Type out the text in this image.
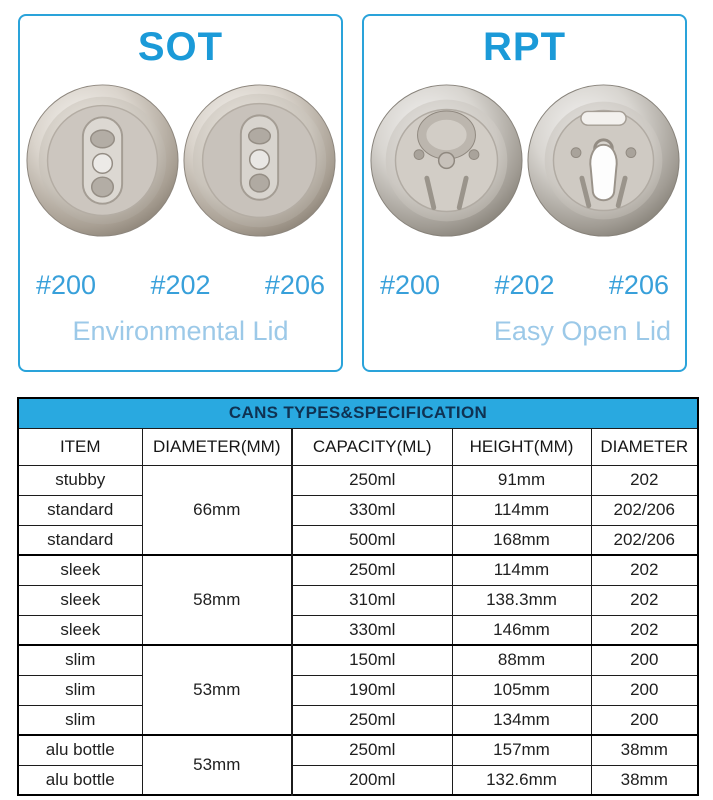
SOT
#200 #202 #206
Environmental Lid
RPT
#200 #202 #206
Easy Open Lid
CANS TYPES&SPECIFICATION				
ITEM	DIAMETER(MM)	CAPACITY(ML)	HEIGHT(MM)	DIAMETER
stubby	66mm	250ml	91mm	202
standard		330ml	114mm	202/206
standard		500ml	168mm	202/206
sleek	58mm	250ml	114mm	202
sleek		310ml	138.3mm	202
sleek		330ml	146mm	202
slim	53mm	150ml	88mm	200
slim		190ml	105mm	200
slim		250ml	134mm	200
alu bottle	53mm	250ml	157mm	38mm
alu bottle		200ml	132.6mm	38mm
